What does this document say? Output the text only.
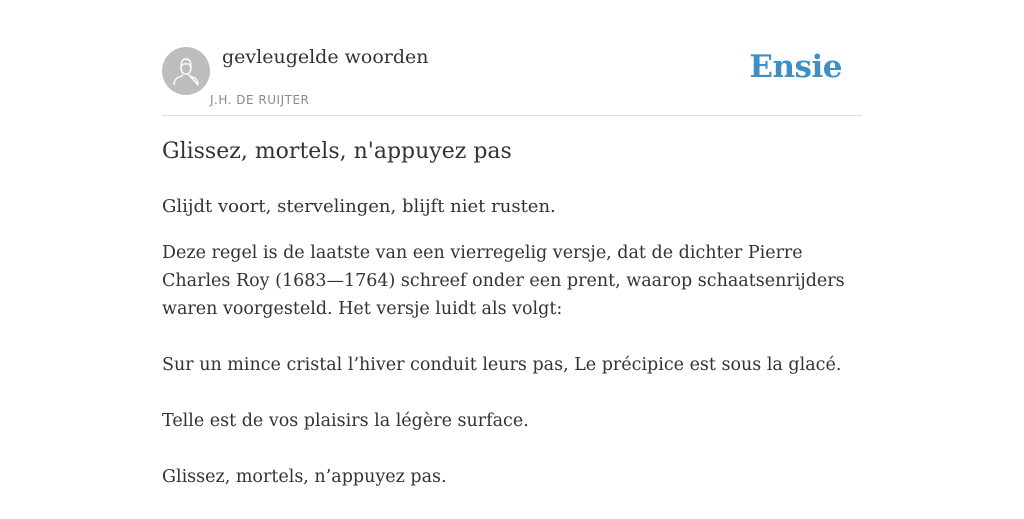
gevleugelde woorden
J.H. DE RUIJTER
Ensie
Glissez, mortels, n'appuyez pas
Glijdt voort, stervelingen, blijft niet rusten.

Deze regel is de laatste van een vierregelig versje, dat de dichter Pierre Charles Roy (1683—1764) schreef onder een prent, waarop schaatsenrijders waren voorgesteld. Het versje luidt als volgt:

Sur un mince cristal l’hiver conduit leurs pas, Le précipice est sous la glacé.

Telle est de vos plaisirs la légère surface.

Glissez, mortels, n’appuyez pas.
